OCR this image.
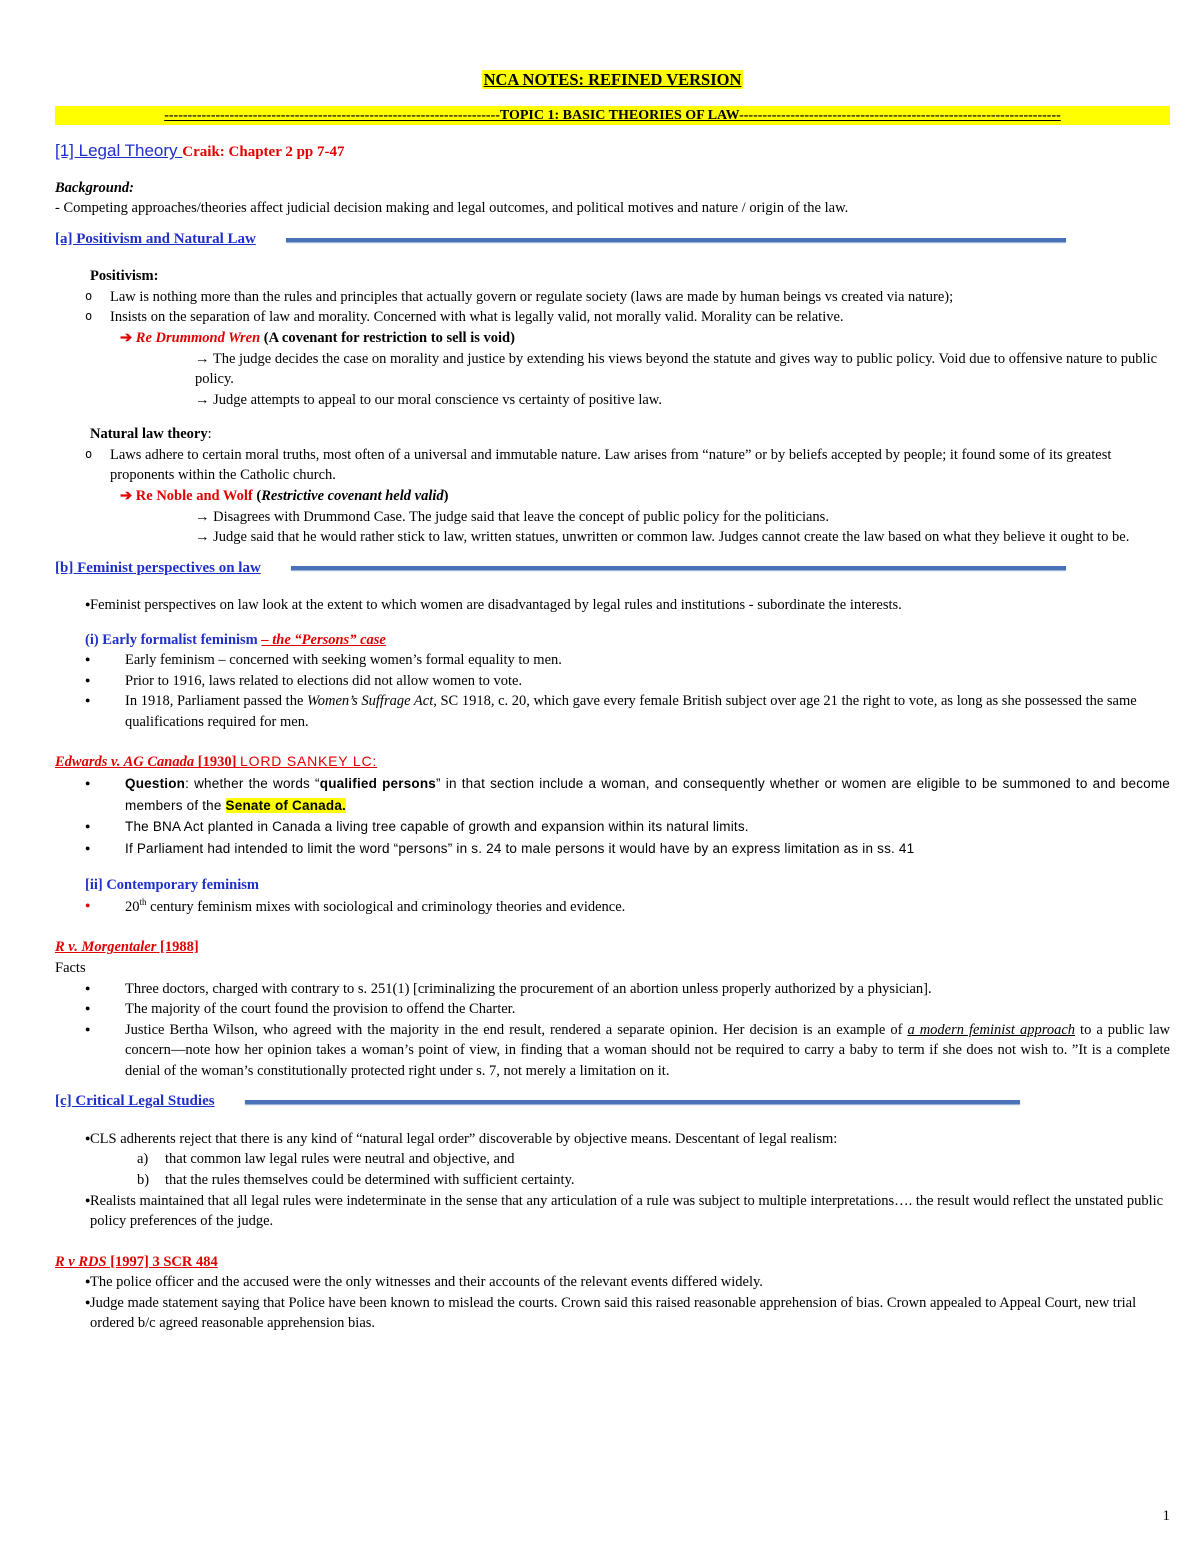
NCA NOTES: REFINED VERSION
------------------------------------------------------------------------TOPIC 1: BASIC THEORIES OF LAW---------------------------------------------------------------------
[1] Legal Theory Craik: Chapter 2 pp 7-47
Background:
- Competing approaches/theories affect judicial decision making and legal outcomes, and political motives and nature / origin of the law.
[a] Positivism and Natural Law
Positivism:
o Law is nothing more than the rules and principles that actually govern or regulate society (laws are made by human beings vs created via nature);
o Insists on the separation of law and morality. Concerned with what is legally valid, not morally valid. Morality can be relative.
➔ Re Drummond Wren (A covenant for restriction to sell is void)
→ The judge decides the case on morality and justice by extending his views beyond the statute and gives way to public policy. Void due to offensive nature to public policy.
→ Judge attempts to appeal to our moral conscience vs certainty of positive law.
Natural law theory:
o Laws adhere to certain moral truths, most often of a universal and immutable nature. Law arises from “nature” or by beliefs accepted by people; it found some of its greatest proponents within the Catholic church.
➔ Re Noble and Wolf (Restrictive covenant held valid)
→ Disagrees with Drummond Case. The judge said that leave the concept of public policy for the politicians.
→ Judge said that he would rather stick to law, written statues, unwritten or common law. Judges cannot create the law based on what they believe it ought to be.
[b] Feminist perspectives on law
● Feminist perspectives on law look at the extent to which women are disadvantaged by legal rules and institutions - subordinate the interests.
(i) Early formalist feminism – the “Persons” case
● Early feminism – concerned with seeking women’s formal equality to men.
● Prior to 1916, laws related to elections did not allow women to vote.
● In 1918, Parliament passed the Women’s Suffrage Act, SC 1918, c. 20, which gave every female British subject over age 21 the right to vote, as long as she possessed the same qualifications required for men.
Edwards v. AG Canada [1930] LORD SANKEY LC:
● Question: whether the words “qualified persons” in that section include a woman, and consequently whether or women are eligible to be summoned to and become members of the Senate of Canada.
● The BNA Act planted in Canada a living tree capable of growth and expansion within its natural limits.
● If Parliament had intended to limit the word “persons” in s. 24 to male persons it would have by an express limitation as in ss. 41
[ii] Contemporary feminism
● 20th century feminism mixes with sociological and criminology theories and evidence.
R v. Morgentaler [1988]
Facts
● Three doctors, charged with contrary to s. 251(1) [criminalizing the procurement of an abortion unless properly authorized by a physician].
● The majority of the court found the provision to offend the Charter.
● Justice Bertha Wilson, who agreed with the majority in the end result, rendered a separate opinion. Her decision is an example of a modern feminist approach to a public law concern—note how her opinion takes a woman’s point of view, in finding that a woman should not be required to carry a baby to term if she does not wish to. ”It is a complete denial of the woman’s constitutionally protected right under s. 7, not merely a limitation on it.
[c] Critical Legal Studies
● CLS adherents reject that there is any kind of “natural legal order” discoverable by objective means. Descentant of legal realism:
a) that common law legal rules were neutral and objective, and
b) that the rules themselves could be determined with sufficient certainty.
● Realists maintained that all legal rules were indeterminate in the sense that any articulation of a rule was subject to multiple interpretations…. the result would reflect the unstated public policy preferences of the judge.
R v RDS [1997] 3 SCR 484
● The police officer and the accused were the only witnesses and their accounts of the relevant events differed widely.
● Judge made statement saying that Police have been known to mislead the courts. Crown said this raised reasonable apprehension of bias. Crown appealed to Appeal Court, new trial ordered b/c agreed reasonable apprehension bias.
1
